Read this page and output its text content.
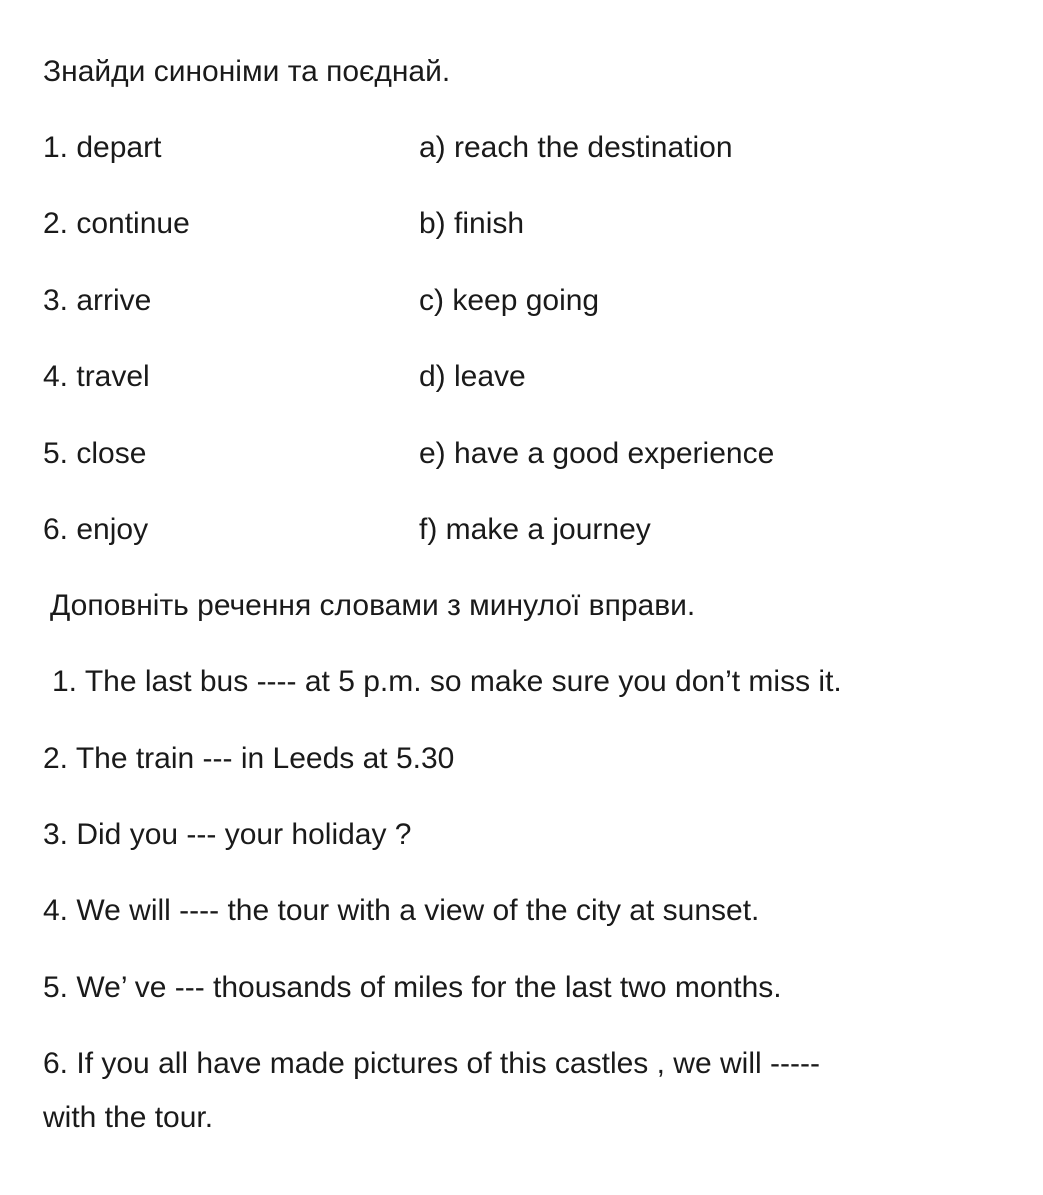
Знайди синоніми та поєднай.
1. depart	a) reach the destination
2. continue	b) finish
3. arrive	c) keep going
4. travel	d) leave
5. close	e) have a good experience
6. enjoy	f) make a journey
Доповніть речення словами з минулої вправи.
1. The last bus ---- at 5 p.m. so make sure you don’t miss it.
2. The train --- in Leeds at 5.30
3. Did you --- your holiday ?
4. We will ---- the tour with a view of the city at sunset.
5. We’ ve --- thousands of miles for the last two months.
6. If you all have made pictures of this castles , we will -----
with the tour.
